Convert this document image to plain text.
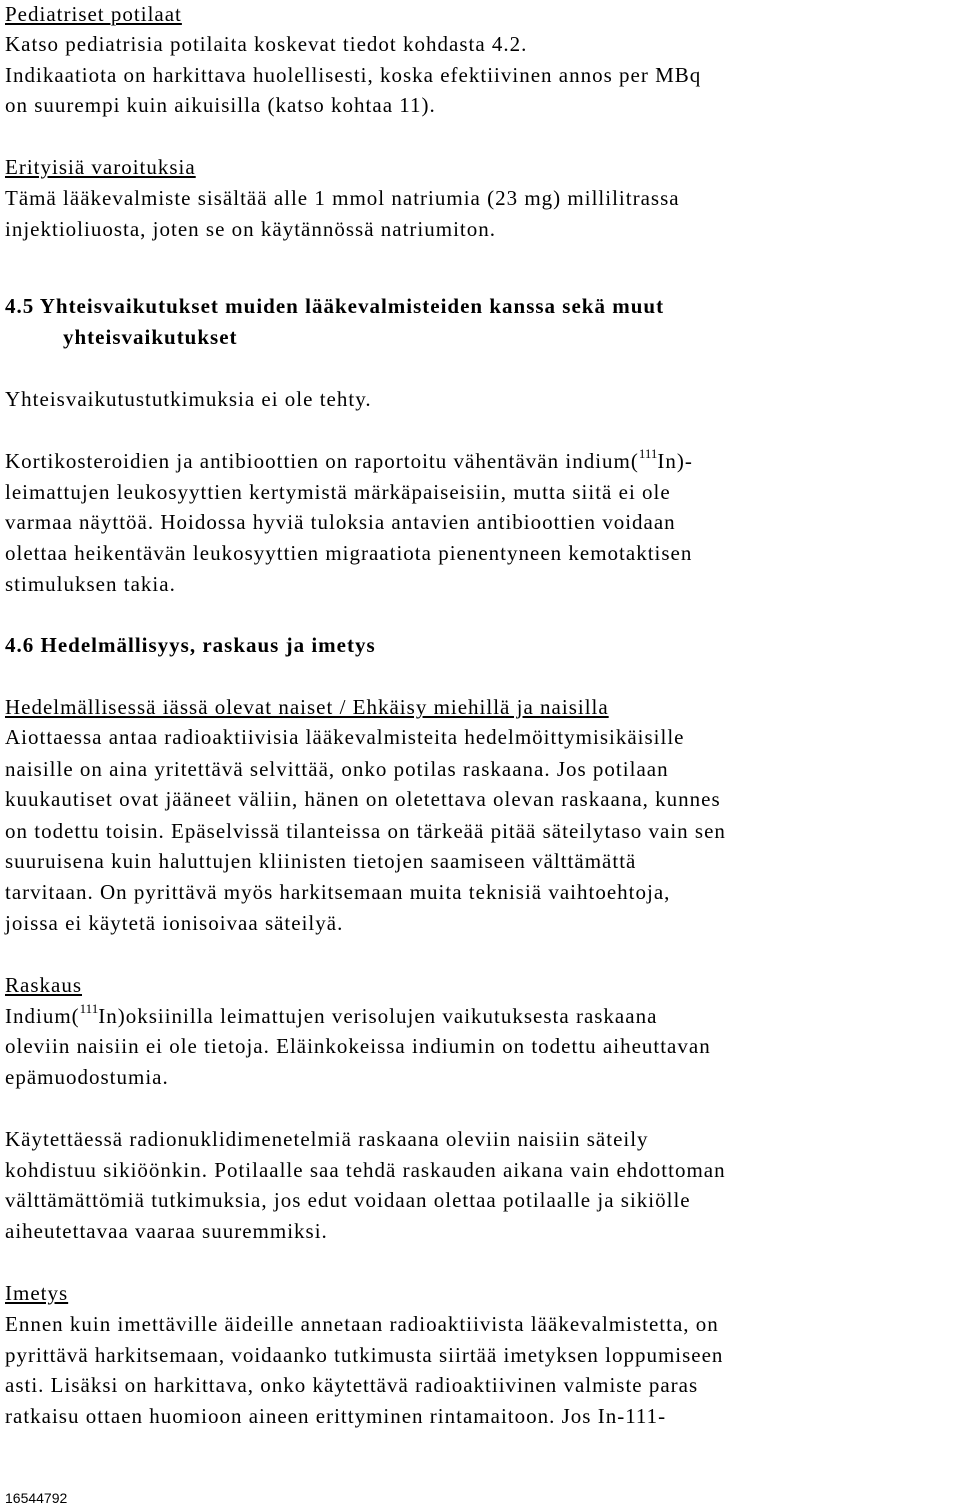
Pediatriset potilaat
Katso pediatrisia potilaita koskevat tiedot kohdasta 4.2.
Indikaatiota on harkittava huolellisesti, koska efektiivinen annos per MBq
on suurempi kuin aikuisilla (katso kohtaa 11).
Erityisiä varoituksia
Tämä lääkevalmiste sisältää alle 1 mmol natriumia (23 mg) millilitrassa
injektioliuosta, joten se on käytännössä natriumiton.
4.5 Yhteisvaikutukset muiden lääkevalmisteiden kanssa sekä muut
yhteisvaikutukset
Yhteisvaikutustutkimuksia ei ole tehty.
Kortikosteroidien ja antibioottien on raportoitu vähentävän indium($^{111}$In)-
leimattujen leukosyyttien kertymistä märkäpaiseisiin, mutta siitä ei ole
varmaa näyttöä. Hoidossa hyviä tuloksia antavien antibioottien voidaan
olettaa heikentävän leukosyyttien migraatiota pienentyneen kemotaktisen
stimuluksen takia.
4.6 Hedelmällisyys, raskaus ja imetys
Hedelmällisessä iässä olevat naiset / Ehkäisy miehillä ja naisilla
Aiottaessa antaa radioaktiivisia lääkevalmisteita hedelmöittymisikäisille
naisille on aina yritettävä selvittää, onko potilas raskaana. Jos potilaan
kuukautiset ovat jääneet väliin, hänen on oletettava olevan raskaana, kunnes
on todettu toisin. Epäselvissä tilanteissa on tärkeää pitää säteilytaso vain sen
suuruisena kuin haluttujen kliinisten tietojen saamiseen välttämättä
tarvitaan. On pyrittävä myös harkitsemaan muita teknisiä vaihtoehtoja,
joissa ei käytetä ionisoivaa säteilyä.
Raskaus
Indium($^{111}$In)oksiinilla leimattujen verisolujen vaikutuksesta raskaana
oleviin naisiin ei ole tietoja. Eläinkokeissa indiumin on todettu aiheuttavan
epämuodostumia.
Käytettäessä radionuklidimenetelmiä raskaana oleviin naisiin säteily
kohdistuu sikiöönkin. Potilaalle saa tehdä raskauden aikana vain ehdottoman
välttämättömiä tutkimuksia, jos edut voidaan olettaa potilaalle ja sikiölle
aiheutettavaa vaaraa suuremmiksi.
Imetys
Ennen kuin imettäville äideille annetaan radioaktiivista lääkevalmistetta, on
pyrittävä harkitsemaan, voidaanko tutkimusta siirtää imetyksen loppumiseen
asti. Lisäksi on harkittava, onko käytettävä radioaktiivinen valmiste paras
ratkaisu ottaen huomioon aineen erittyminen rintamaitoon. Jos In-111-
16544792
